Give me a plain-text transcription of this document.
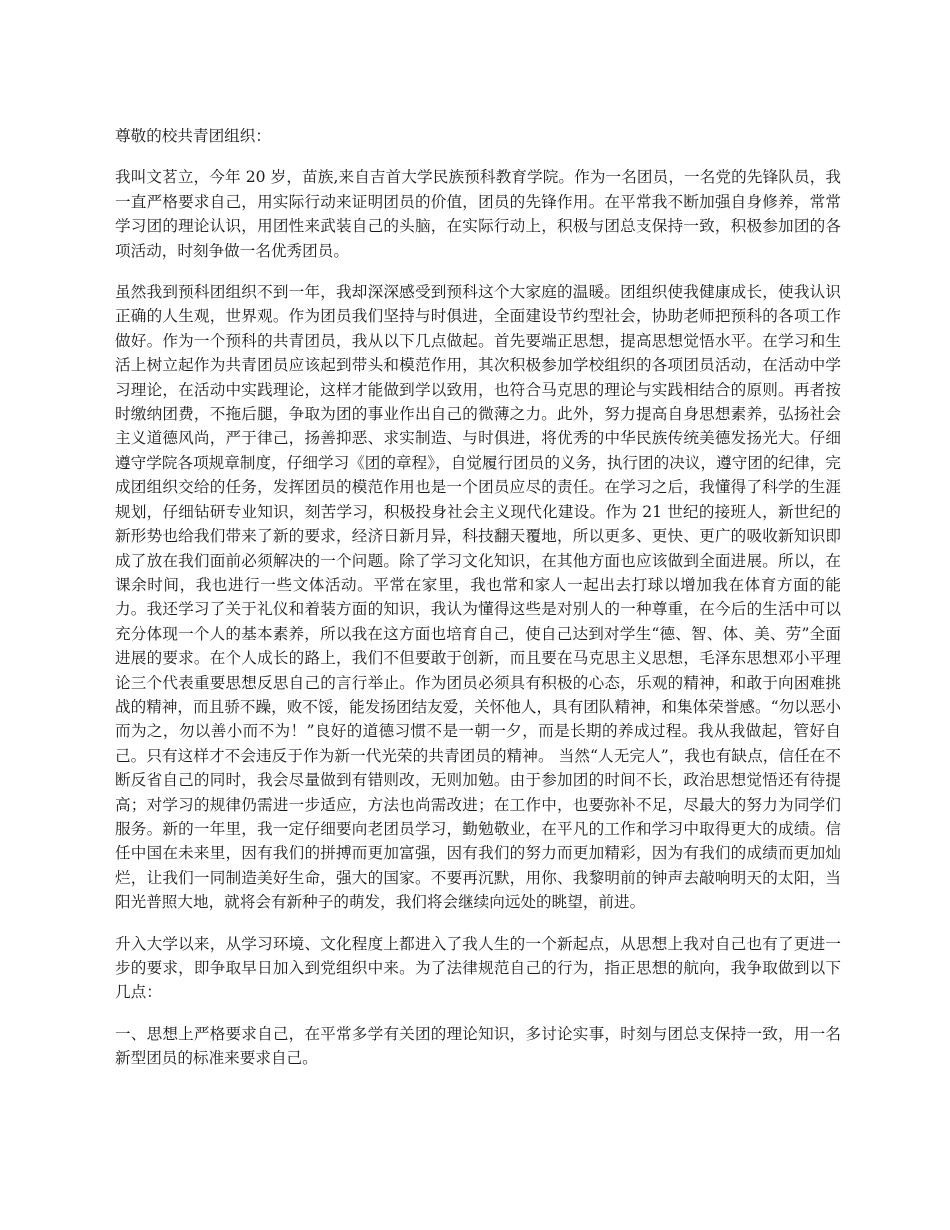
尊敬的校共青团组织：

我叫文茗立，今年 20 岁，苗族,来自吉首大学民族预科教育学院。作为一名团员，一名党的先锋队员，我一直严格要求自己，用实际行动来证明团员的价值，团员的先锋作用。在平常我不断加强自身修养，常常学习团的理论认识，用团性来武装自己的头脑，在实际行动上，积极与团总支保持一致，积极参加团的各项活动，时刻争做一名优秀团员。

虽然我到预科团组织不到一年，我却深深感受到预科这个大家庭的温暖。团组织使我健康成长，使我认识正确的人生观，世界观。作为团员我们坚持与时俱进，全面建设节约型社会，协助老师把预科的各项工作做好。作为一个预科的共青团员，我从以下几点做起。首先要端正思想，提高思想觉悟水平。在学习和生活上树立起作为共青团员应该起到带头和模范作用，其次积极参加学校组织的各项团员活动，在活动中学习理论，在活动中实践理论，这样才能做到学以致用，也符合马克思的理论与实践相结合的原则。再者按时缴纳团费，不拖后腿，争取为团的事业作出自己的微薄之力。此外，努力提高自身思想素养，弘扬社会主义道德风尚，严于律己，扬善抑恶、求实制造、与时俱进，将优秀的中华民族传统美德发扬光大。仔细遵守学院各项规章制度，仔细学习《团的章程》，自觉履行团员的义务，执行团的决议，遵守团的纪律，完成团组织交给的任务，发挥团员的模范作用也是一个团员应尽的责任。在学习之后，我懂得了科学的生涯规划，仔细钻研专业知识，刻苦学习，积极投身社会主义现代化建设。作为 21 世纪的接班人，新世纪的新形势也给我们带来了新的要求，经济日新月异，科技翻天覆地，所以更多、更快、更广的吸收新知识即成了放在我们面前必须解决的一个问题。除了学习文化知识，在其他方面也应该做到全面进展。所以，在课余时间，我也进行一些文体活动。平常在家里，我也常和家人一起出去打球以增加我在体育方面的能力。我还学习了关于礼仪和着装方面的知识，我认为懂得这些是对别人的一种尊重，在今后的生活中可以充分体现一个人的基本素养，所以我在这方面也培育自己，使自己达到对学生“德、智、体、美、劳”全面进展的要求。在个人成长的路上，我们不但要敢于创新，而且要在马克思主义思想，毛泽东思想邓小平理论三个代表重要思想反思自己的言行举止。作为团员必须具有积极的心态，乐观的精神，和敢于向困难挑战的精神，而且骄不躁，败不馁，能发扬团结友爱，关怀他人，具有团队精神，和集体荣誉感。“勿以恶小而为之，勿以善小而不为！”良好的道德习惯不是一朝一夕，而是长期的养成过程。我从我做起，管好自己。只有这样才不会违反于作为新一代光荣的共青团员的精神。 当然“人无完人”，我也有缺点，信任在不断反省自己的同时，我会尽量做到有错则改，无则加勉。由于参加团的时间不长，政治思想觉悟还有待提高；对学习的规律仍需进一步适应，方法也尚需改进；在工作中，也要弥补不足，尽最大的努力为同学们服务。新的一年里，我一定仔细要向老团员学习，勤勉敬业，在平凡的工作和学习中取得更大的成绩。信任中国在未来里，因有我们的拼搏而更加富强，因有我们的努力而更加精彩，因为有我们的成绩而更加灿烂，让我们一同制造美好生命，强大的国家。不要再沉默，用你、我黎明前的钟声去敲响明天的太阳，当阳光普照大地，就将会有新种子的萌发，我们将会继续向远处的眺望，前进。

升入大学以来，从学习环境、文化程度上都进入了我人生的一个新起点，从思想上我对自己也有了更进一步的要求，即争取早日加入到党组织中来。为了法律规范自己的行为，指正思想的航向，我争取做到以下几点：

一、思想上严格要求自己，在平常多学有关团的理论知识，多讨论实事，时刻与团总支保持一致，用一名新型团员的标准来要求自己。
